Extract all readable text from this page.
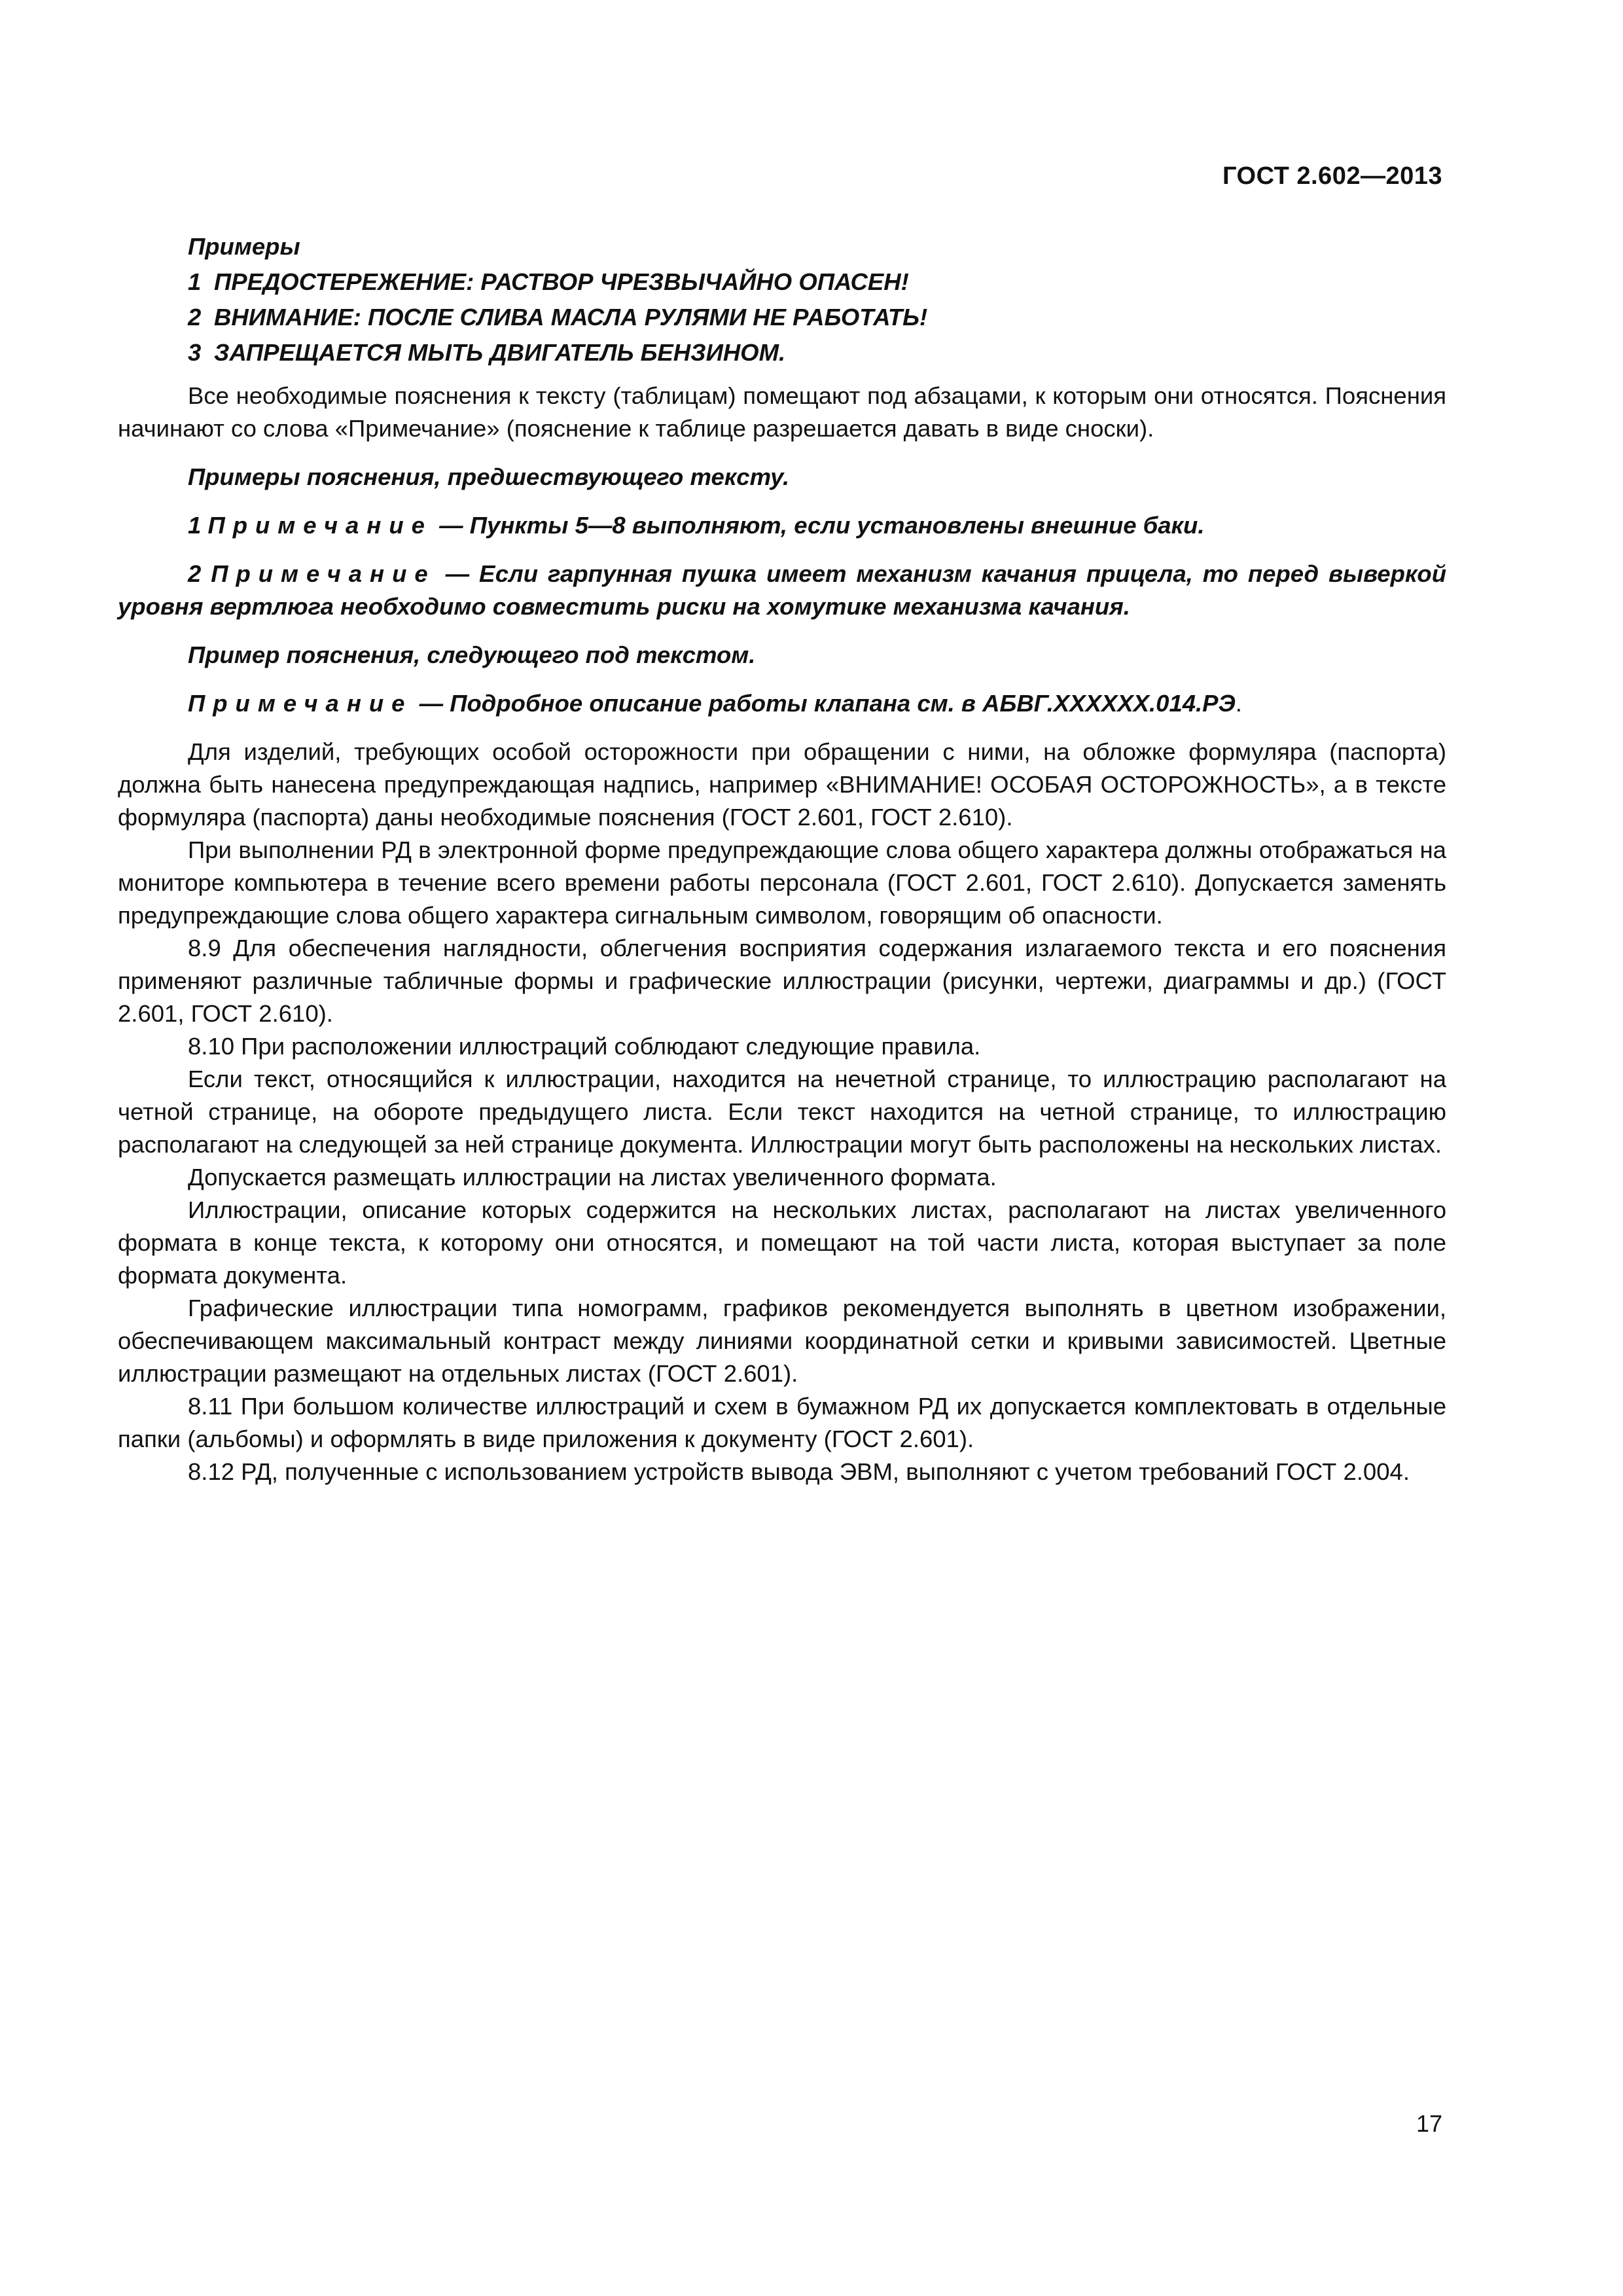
ГОСТ 2.602—2013
Примеры
1 ПРЕДОСТЕРЕЖЕНИЕ: РАСТВОР ЧРЕЗВЫЧАЙНО ОПАСЕН!
2 ВНИМАНИЕ: ПОСЛЕ СЛИВА МАСЛА РУЛЯМИ НЕ РАБОТАТЬ!
3 ЗАПРЕЩАЕТСЯ МЫТЬ ДВИГАТЕЛЬ БЕНЗИНОМ.

Все необходимые пояснения к тексту (таблицам) помещают под абзацами, к которым они относятся. Пояснения начинают со слова «Примечание» (пояснение к таблице разрешается давать в виде сноски).

Примеры пояснения, предшествующего тексту.

1 Примечание — Пункты 5—8 выполняют, если установлены внешние баки.

2 Примечание — Если гарпунная пушка имеет механизм качания прицела, то перед выверкой уровня вертлюга необходимо совместить риски на хомутике механизма качания.

Пример пояснения, следующего под текстом.

Примечание — Подробное описание работы клапана см. в АБВГ.XXXXXX.014.РЭ.

Для изделий, требующих особой осторожности при обращении с ними, на обложке формуляра (паспорта) должна быть нанесена предупреждающая надпись, например «ВНИМАНИЕ! ОСОБАЯ ОСТОРОЖНОСТЬ», а в тексте формуляра (паспорта) даны необходимые пояснения (ГОСТ 2.601, ГОСТ 2.610).

При выполнении РД в электронной форме предупреждающие слова общего характера должны отображаться на мониторе компьютера в течение всего времени работы персонала (ГОСТ 2.601, ГОСТ 2.610). Допускается заменять предупреждающие слова общего характера сигнальным символом, говорящим об опасности.

8.9 Для обеспечения наглядности, облегчения восприятия содержания излагаемого текста и его пояснения применяют различные табличные формы и графические иллюстрации (рисунки, чертежи, диаграммы и др.) (ГОСТ 2.601, ГОСТ 2.610).

8.10 При расположении иллюстраций соблюдают следующие правила.

Если текст, относящийся к иллюстрации, находится на нечетной странице, то иллюстрацию располагают на четной странице, на обороте предыдущего листа. Если текст находится на четной странице, то иллюстрацию располагают на следующей за ней странице документа. Иллюстрации могут быть расположены на нескольких листах.

Допускается размещать иллюстрации на листах увеличенного формата.

Иллюстрации, описание которых содержится на нескольких листах, располагают на листах увеличенного формата в конце текста, к которому они относятся, и помещают на той части листа, которая выступает за поле формата документа.

Графические иллюстрации типа номограмм, графиков рекомендуется выполнять в цветном изображении, обеспечивающем максимальный контраст между линиями координатной сетки и кривыми зависимостей. Цветные иллюстрации размещают на отдельных листах (ГОСТ 2.601).

8.11 При большом количестве иллюстраций и схем в бумажном РД их допускается комплектовать в отдельные папки (альбомы) и оформлять в виде приложения к документу (ГОСТ 2.601).

8.12 РД, полученные с использованием устройств вывода ЭВМ, выполняют с учетом требований ГОСТ 2.004.

17
